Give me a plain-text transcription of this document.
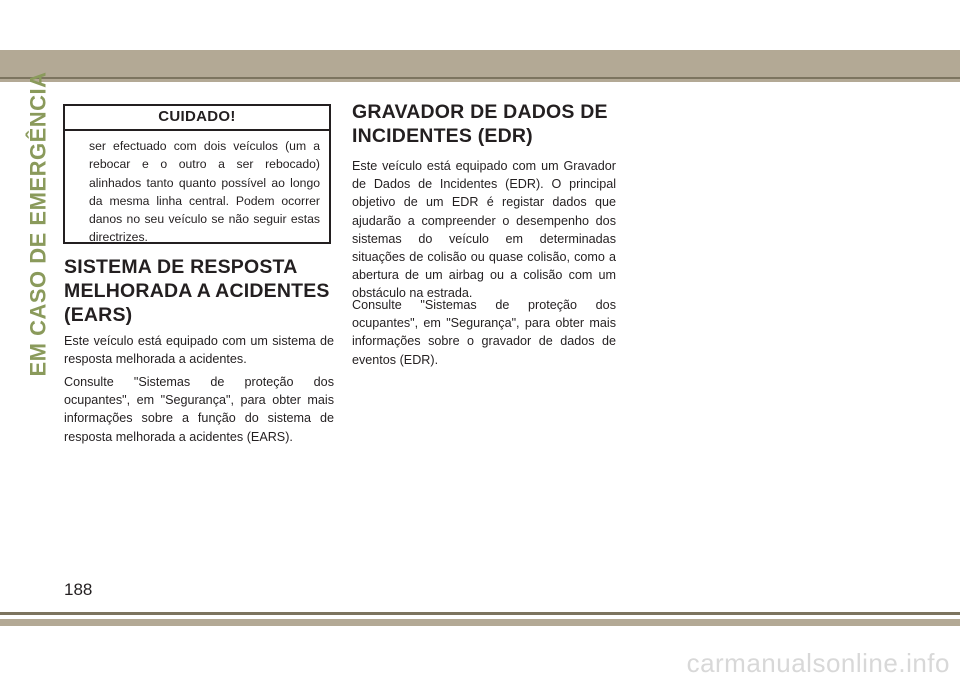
EM CASO DE EMERGÊNCIA	CUIDADO!
ser efectuado com dois veículos (um a rebocar e o outro a ser rebocado) alinhados tanto quanto possível ao longo da mesma linha central. Podem ocorrer danos no seu veículo se não seguir estas directrizes.
SISTEMA DE RESPOSTA MELHORADA A ACIDENTES (EARS)

Este veículo está equipado com um sistema de resposta melhorada a acidentes.

Consulte "Sistemas de proteção dos ocupantes", em "Segurança", para obter mais informações sobre a função do sistema de resposta melhorada a acidentes (EARS).

GRAVADOR DE DADOS DE INCIDENTES (EDR)

Este veículo está equipado com um Gravador de Dados de Incidentes (EDR). O principal objetivo de um EDR é registar dados que ajudarão a compreender o desempenho dos sistemas do veículo em determinadas situações de colisão ou quase colisão, como a abertura de um airbag ou a colisão com um obstáculo na estrada.

Consulte "Sistemas de proteção dos ocupantes", em "Segurança", para obter mais informações sobre o gravador de dados de eventos (EDR).

188
carmanualsonline.info
